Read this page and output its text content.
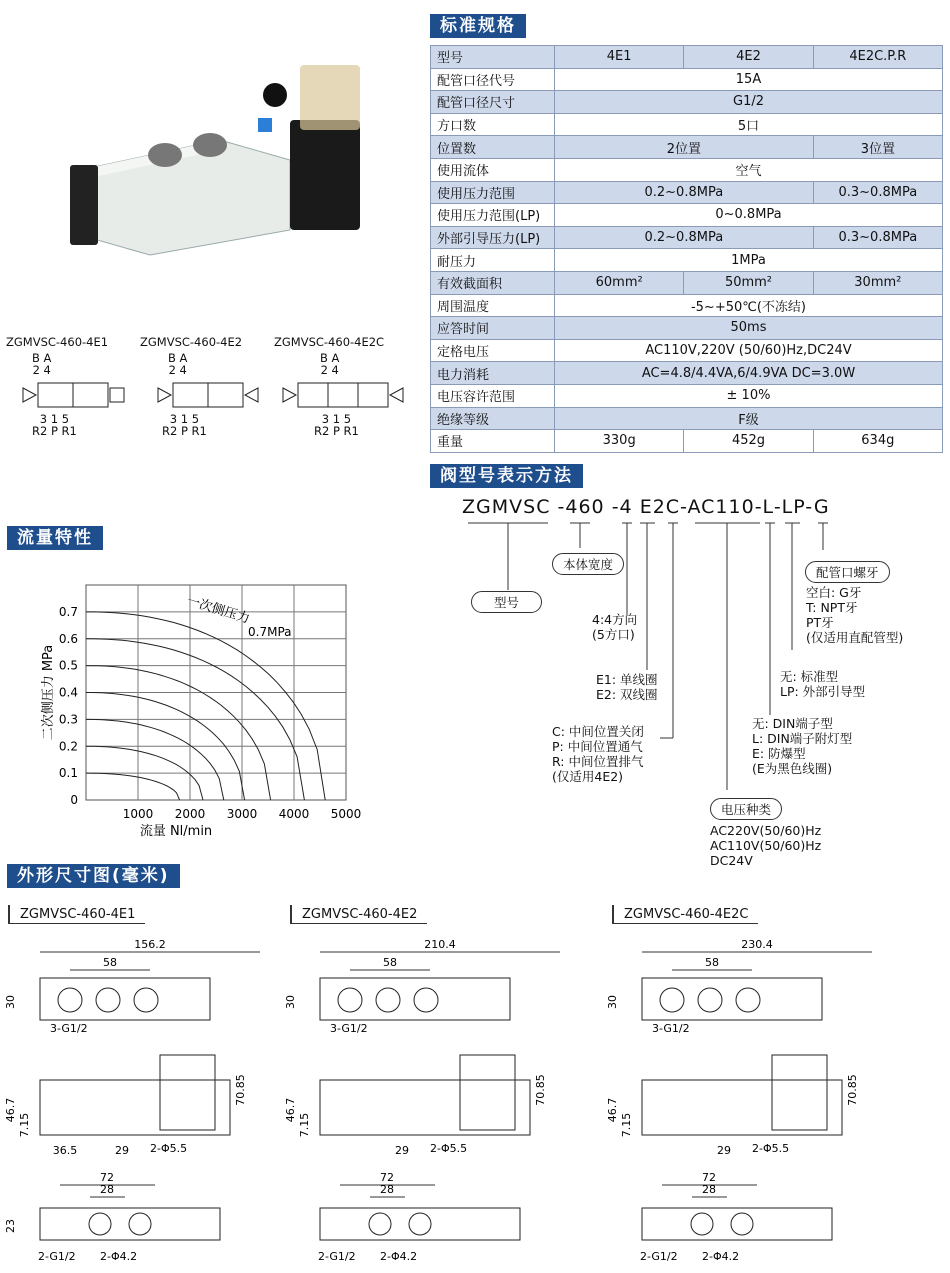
ZGMVSC-460-4E1	ZGMVSC-460-4E2	ZGMVSC-460-4E2C
B A
2 4
B A
2 4
B A
2 4
3 1 5
R2 P R1
3 1 5
R2 P R1
3 1 5
R2 P R1
标准规格
阀型号表示方法
流量特性
外形尺寸图(毫米)
型号	4E1	4E2	4E2C.P.R
配管口径代号	15A		
配管口径尺寸	G1/2		
方口数	5口		
位置数	2位置		3位置
使用流体	空气		
使用压力范围	0.2~0.8MPa		0.3~0.8MPa
使用压力范围(LP)	0~0.8MPa		
外部引导压力(LP)	0.2~0.8MPa		0.3~0.8MPa
耐压力	1MPa		
有效截面积	60mm²	50mm²	30mm²
周围温度	-5~+50℃(不冻结)		
应答时间	50ms		
定格电压	AC110V,220V (50/60)Hz,DC24V		
电力消耗	AC=4.8/4.4VA,6/4.9VA DC=3.0W		
电压容许范围	± 10%		
绝缘等级	F级		
重量	330g	452g	634g
ZGMVSC -460 -4 E2C-AC110-L-LP-G
本体宽度
型号
配管口螺牙
空白: G牙
T: NPT牙
PT牙
(仅适用直配管型)
4:4方向
(5方口)
E1: 单线圈
E2: 双线圈
C: 中间位置关闭
P: 中间位置通气
R: 中间位置排气
(仅适用4E2)
无: 标准型
LP: 外部引导型
无: DIN端子型
L: DIN端子附灯型
E: 防爆型
(E为黑色线圈)
电压种类
AC220V(50/60)Hz
AC110V(50/60)Hz
DC24V
0
0.1
0.2
0.3
0.4
0.5
0.6
0.7
1000 2000 3000 4000 5000
流量 Nl/min
二次侧压力 MPa
一次侧压力
0.7MPa
ZGMVSC-460-4E1	ZGMVSC-460-4E2	ZGMVSC-460-4E2C
156.2
58
30
3-G1/2
46.7
7.15
70.85
36.5	29 2-Φ5.5
72
28
23
2-G1/2 2-Φ4.2
210.4
58
30
3-G1/2
46.7
7.15
70.85
29 2-Φ5.5
72
28
2-G1/2 2-Φ4.2
230.4
58
30
3-G1/2
46.7
7.15
70.85
29 2-Φ5.5
72
28
2-G1/2 2-Φ4.2
